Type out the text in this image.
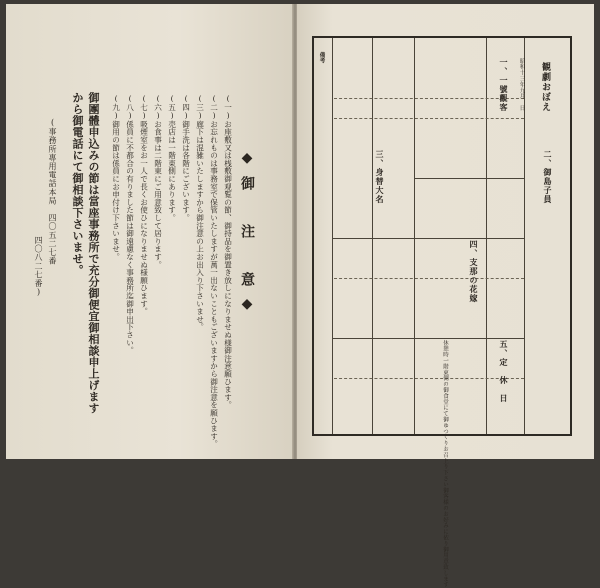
◆御　注　意◆
(一)お座敷又は桟敷御观覧の節、御持品を御置き放しになりませぬ様御注意願ひます。
(二)お忘れものは事務室で保管いたしますが萬一出ないこともございますから御注意を願ひます。
(三)廊下は混雑いたしますから御注意の上お出入り下さいませ。
(四)御手洗は各階にございます。
(五)売店は一階東側にあります。
(六)お食事は二階東にご用意致して居ります。
(七)吸煙室をお一人で長くお使ひになりませぬ様願ひます。
(八)係員に不都合の有りました節は御遠慮なく事務所迄御申出下さい。
(九)御用の節は係員にお申付け下さいませ。
御團體申込みの節は當座事務所で充分御便宜御相談申上げます
から御電話にて御相談下さいませ。
(事務所專用電話本局　四〇五二七番
四〇八二七番)
観劇おぼえ
昭和十三年九月　日
一、一號觀客
二、御島子員
三、身替大名
四、支那の花嫁
五、定　休　日
備考
休憩時一階東側の御食堂にて御ゆつくりお召上り下さい御客様のお好みに依り御用意致します
